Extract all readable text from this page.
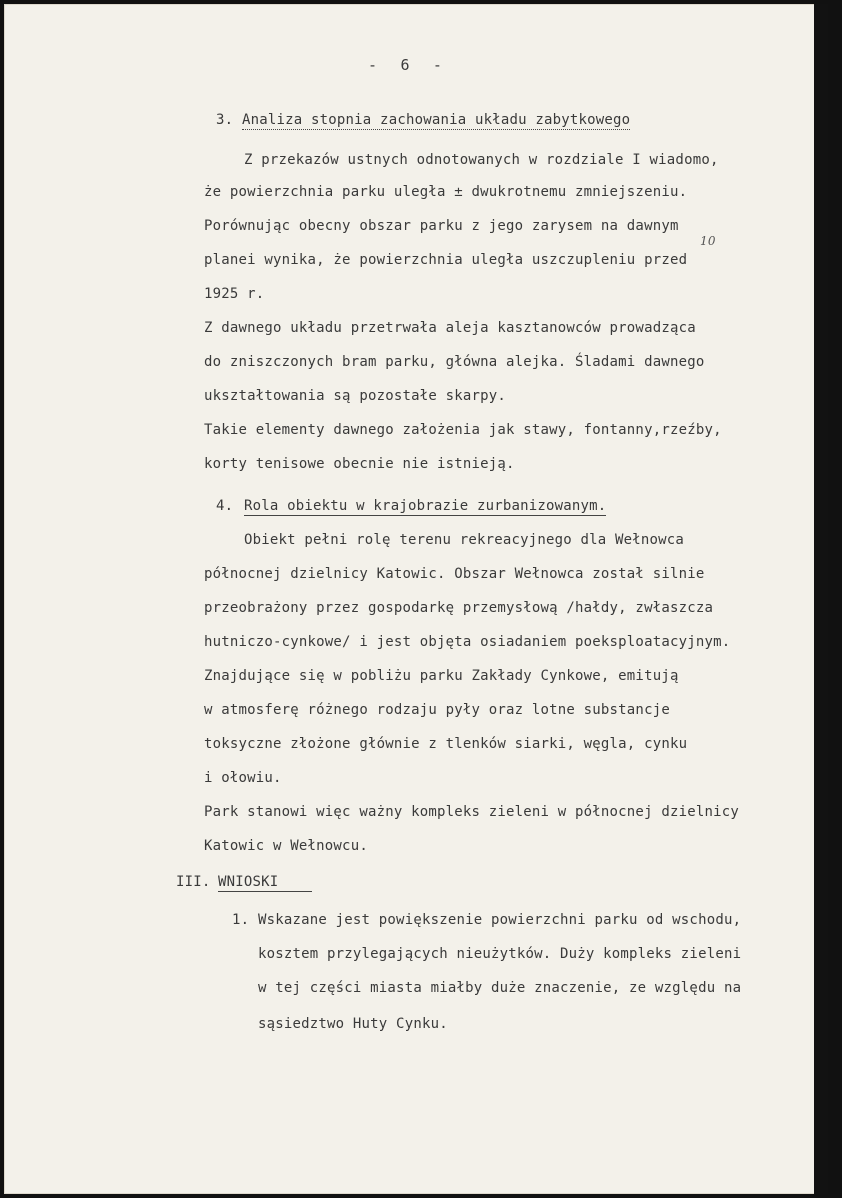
- 6 -
3. Analiza stopnia zachowania układu zabytkowego
Z przekazów ustnych odnotowanych w rozdziale I wiadomo,
że powierzchnia parku uległa ± dwukrotnemu zmniejszeniu.
Porównując obecny obszar parku z jego zarysem na dawnym
planei wynika, że powierzchnia uległa uszczupleniu przed
10
1925 r.
Z dawnego układu przetrwała aleja kasztanowców prowadząca
do zniszczonych bram parku, główna alejka. Śladami dawnego
ukształtowania są pozostałe skarpy.
Takie elementy dawnego założenia jak stawy, fontanny,rzeźby,
korty tenisowe obecnie nie istnieją.
4. Rola obiektu w krajobrazie zurbanizowanym.
Obiekt pełni rolę terenu rekreacyjnego dla Wełnowca
północnej dzielnicy Katowic. Obszar Wełnowca został silnie
przeobrażony przez gospodarkę przemysłową /hałdy, zwłaszcza
hutniczo-cynkowe/ i jest objęta osiadaniem poeksploatacyjnym.
Znajdujące się w pobliżu parku Zakłady Cynkowe, emitują
w atmosferę różnego rodzaju pyły oraz lotne substancje
toksyczne złożone głównie z tlenków siarki, węgla, cynku
i ołowiu.
Park stanowi więc ważny kompleks zieleni w północnej dzielnicy
Katowic w Wełnowcu.
III. WNIOSKI
1. Wskazane jest powiększenie powierzchni parku od wschodu,
kosztem przylegających nieużytków. Duży kompleks zieleni
w tej części miasta miałby duże znaczenie, ze względu na
sąsiedztwo Huty Cynku.
